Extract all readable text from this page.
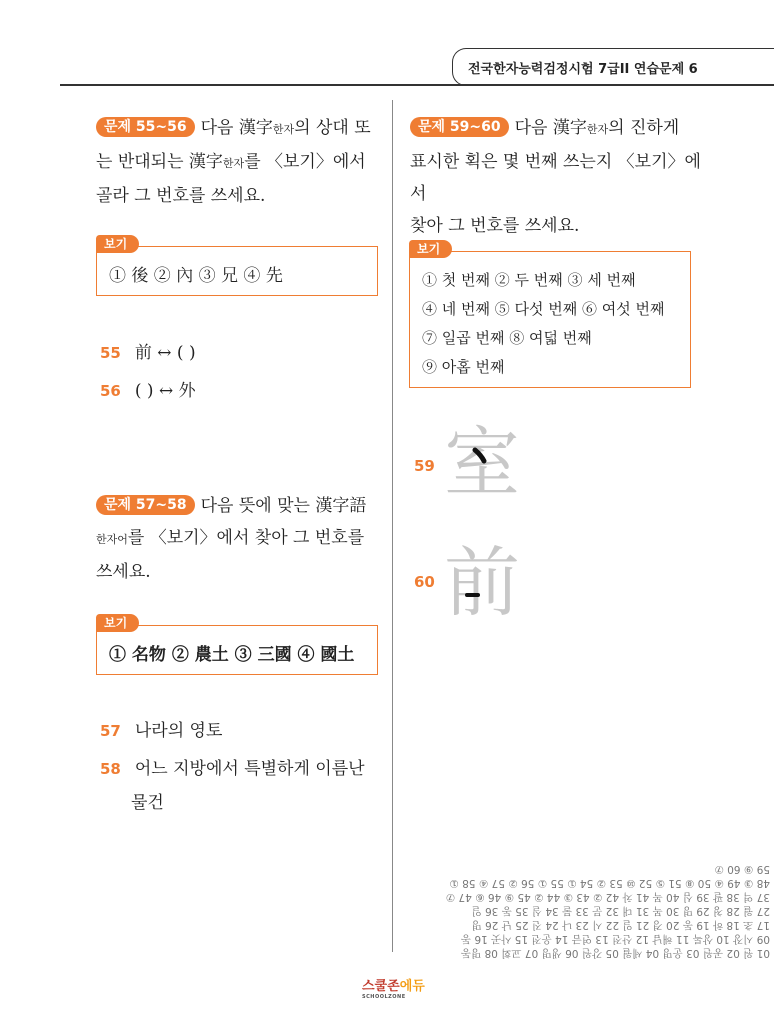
전국한자능력검정시험 7급II 연습문제 6
문제 55~56 다음 漢字한자의 상대 또
는 반대되는 漢字한자를 〈보기〉에서
골라 그 번호를 쓰세요.
보기
① 後 ② 內 ③ 兄 ④ 先
55 前 ↔ ( )
56 ( ) ↔ 外
문제 57~58 다음 뜻에 맞는 漢字語
한자어를 〈보기〉에서 찾아 그 번호를
쓰세요.
보기
① 名物 ② 農土 ③ 三國 ④ 國土
57 나라의 영토
58 어느 지방에서 특별하게 이름난
물건
문제 59~60 다음 漢字한자의 진하게
표시한 획은 몇 번째 쓰는지 〈보기〉에서
찾아 그 번호를 쓰세요.
보기
① 첫 번째 ② 두 번째 ③ 세 번째
④ 네 번째 ⑤ 다섯 번째 ⑥ 여섯 번째
⑦ 일곱 번째 ⑧ 여덟 번째
⑨ 아홉 번째
59 室
60 前
01 원 02 공원 03 운명 04 세월 05 강원 06 생명 07 교회 08 명동
09 시장 10 상록 11 해남 12 산전 13 연금 14 운전 15 사곳 16 동
17 초 18 하 19 동 20 경 21 일 22 시 23 나 24 진 25 난 26 명
27 월 28 청 29 명 30 목 31 대 32 문 33 물 34 실 35 동 36 일
37 역 38 팔 39 심 40 목 41 차 42 ② 43 ③ 44 ② 45 ⑨ 46 ⑥ 47 ⑦
48 ③ 49 ④ 50 ⑧ 51 ⑤ 52 ⑩ 53 ② 54 ① 55 ① 56 ② 57 ④ 58 ①
59 ⑨ 60 ⑦
스쿨존에듀
SCHOOLZONE
